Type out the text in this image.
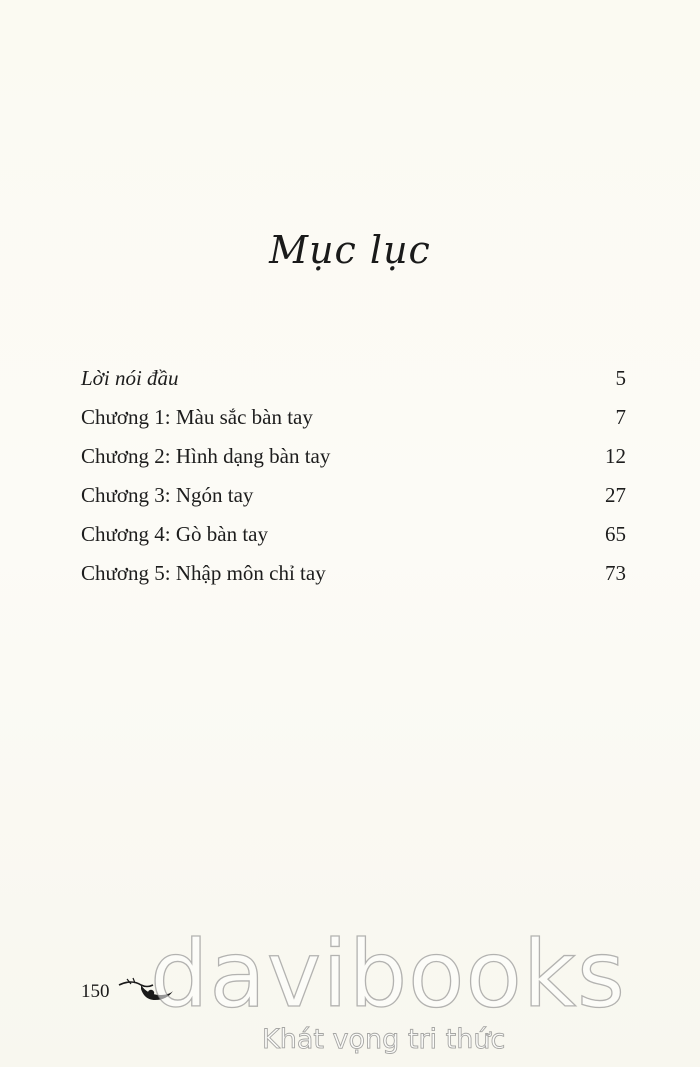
Mục lục
Lời nói đầu	5
Chương 1: Màu sắc bàn tay	7
Chương 2: Hình dạng bàn tay	12
Chương 3: Ngón tay	27
Chương 4: Gò bàn tay	65
Chương 5: Nhập môn chỉ tay	73
150 davibooks
Khát vọng tri thức
